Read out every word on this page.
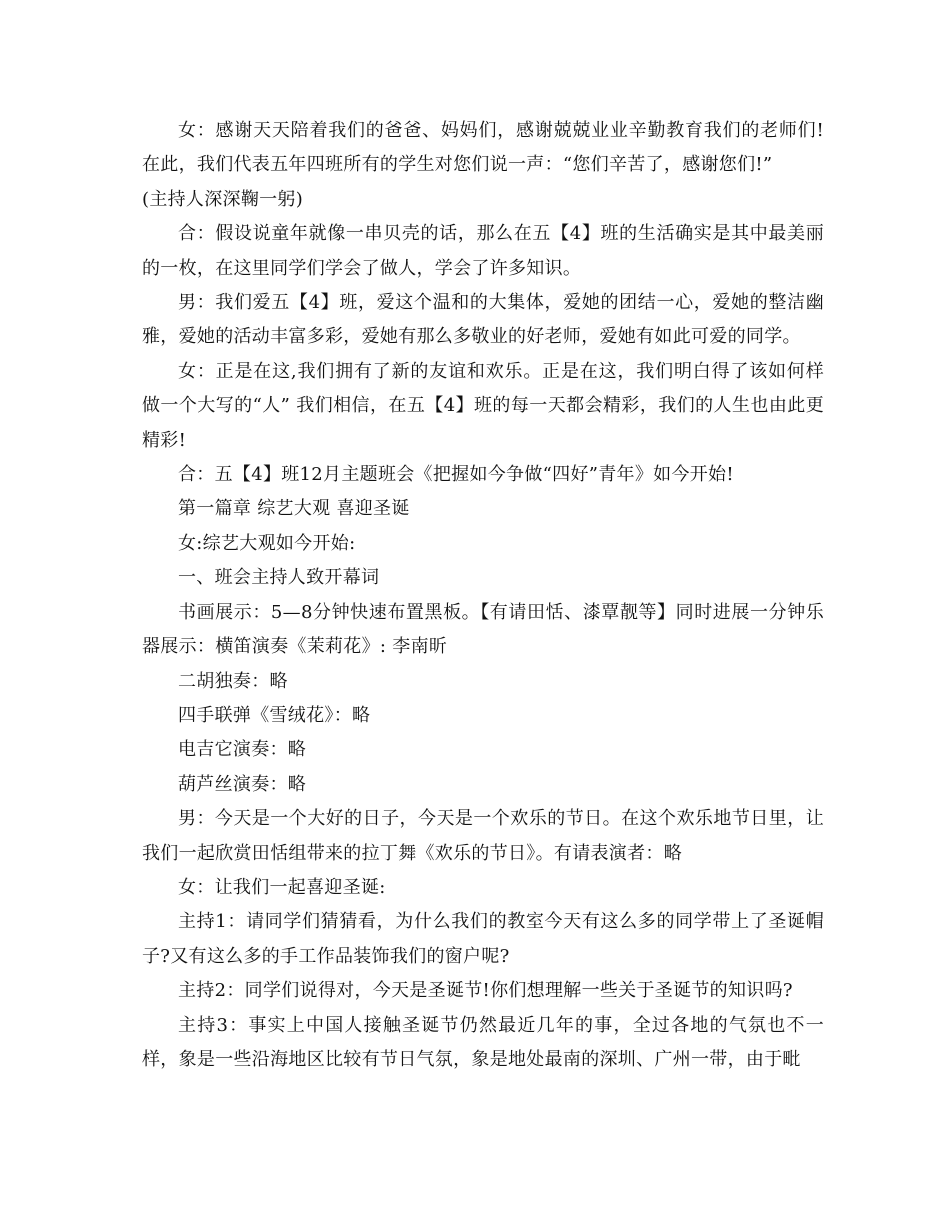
女：感谢天天陪着我们的爸爸、妈妈们，感谢兢兢业业辛勤教育我们的老师们!在此，我们代表五年四班所有的学生对您们说一声：“您们辛苦了，感谢您们!”

(主持人深深鞠一躬)

合：假设说童年就像一串贝壳的话，那么在五【4】班的生活确实是其中最美丽的一枚，在这里同学们学会了做人，学会了许多知识。

男：我们爱五【4】班，爱这个温和的大集体，爱她的团结一心，爱她的整洁幽雅，爱她的活动丰富多彩，爱她有那么多敬业的好老师，爱她有如此可爱的同学。

女：正是在这,我们拥有了新的友谊和欢乐。正是在这，我们明白得了该如何样做一个大写的“人” 我们相信，在五【4】班的每一天都会精彩，我们的人生也由此更精彩!

合：五【4】班12月主题班会《把握如今争做“四好”青年》如今开始!

第一篇章 综艺大观 喜迎圣诞

女:综艺大观如今开始:

一、班会主持人致开幕词

书画展示：5—8分钟快速布置黑板。【有请田恬、漆覃靓等】同时进展一分钟乐器展示：横笛演奏《茉莉花》: 李南昕

二胡独奏：略

四手联弹《雪绒花》：略

电吉它演奏：略

葫芦丝演奏：略

男：今天是一个大好的日子，今天是一个欢乐的节日。在这个欢乐地节日里，让我们一起欣赏田恬组带来的拉丁舞《欢乐的节日》。有请表演者：略

女：让我们一起喜迎圣诞:

主持1：请同学们猜猜看，为什么我们的教室今天有这么多的同学带上了圣诞帽子?又有这么多的手工作品装饰我们的窗户呢?

主持2：同学们说得对，今天是圣诞节!你们想理解一些关于圣诞节的知识吗?

主持3：事实上中国人接触圣诞节仍然最近几年的事，全过各地的气氛也不一样，象是一些沿海地区比较有节日气氛，象是地处最南的深圳、广州一带，由于毗
